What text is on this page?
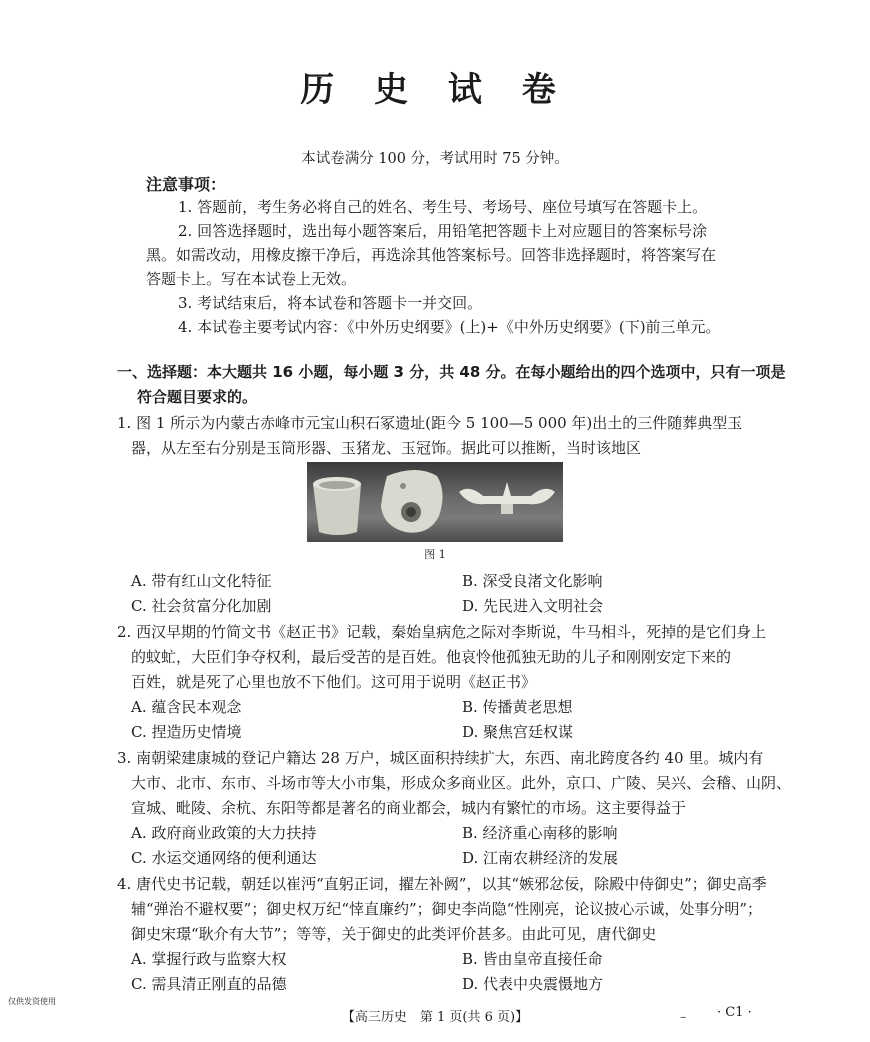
历 史 试 卷
本试卷满分 100 分，考试用时 75 分钟。
注意事项：
1. 答题前，考生务必将自己的姓名、考生号、考场号、座位号填写在答题卡上。
2. 回答选择题时，选出每小题答案后，用铅笔把答题卡上对应题目的答案标号涂
黑。如需改动，用橡皮擦干净后，再选涂其他答案标号。回答非选择题时，将答案写在
答题卡上。写在本试卷上无效。
3. 考试结束后，将本试卷和答题卡一并交回。
4. 本试卷主要考试内容：《中外历史纲要》(上)+《中外历史纲要》(下)前三单元。
一、选择题：本大题共 16 小题，每小题 3 分，共 48 分。在每小题给出的四个选项中，只有一项是
符合题目要求的。
1. 图 1 所示为内蒙古赤峰市元宝山积石冢遗址(距今 5 100—5 000 年)出土的三件随葬典型玉
器，从左至右分别是玉筒形器、玉猪龙、玉冠饰。据此可以推断，当时该地区
图 1
A. 带有红山文化特征	B. 深受良渚文化影响
C. 社会贫富分化加剧	D. 先民进入文明社会
2. 西汉早期的竹简文书《赵正书》记载，秦始皇病危之际对李斯说，牛马相斗，死掉的是它们身上
的蚊虻，大臣们争夺权利，最后受苦的是百姓。他哀怜他孤独无助的儿子和刚刚安定下来的
百姓，就是死了心里也放不下他们。这可用于说明《赵正书》
A. 蕴含民本观念	B. 传播黄老思想
C. 捏造历史情境	D. 聚焦宫廷权谋
3. 南朝梁建康城的登记户籍达 28 万户，城区面积持续扩大，东西、南北跨度各约 40 里。城内有
大市、北市、东市、斗场市等大小市集，形成众多商业区。此外，京口、广陵、吴兴、会稽、山阴、
宣城、毗陵、余杭、东阳等都是著名的商业都会，城内有繁忙的市场。这主要得益于
A. 政府商业政策的大力扶持	B. 经济重心南移的影响
C. 水运交通网络的便利通达	D. 江南农耕经济的发展
4. 唐代史书记载，朝廷以崔沔“直躬正词，擢左补阙”，以其“嫉邪忿佞，除殿中侍御史”；御史高季
辅“弹治不避权要”；御史权万纪“悻直廉约”；御史李尚隐“性刚亮，论议披心示诚，处事分明”；
御史宋璟“耿介有大节”；等等，关于御史的此类评价甚多。由此可见，唐代御史
A. 掌握行政与监察大权	B. 皆由皇帝直接任命
C. 需具清正刚直的品德	D. 代表中央震慑地方
仅供发资使用
【高三历史　第 1 页(共 6 页)】	‒ · C1 ·
